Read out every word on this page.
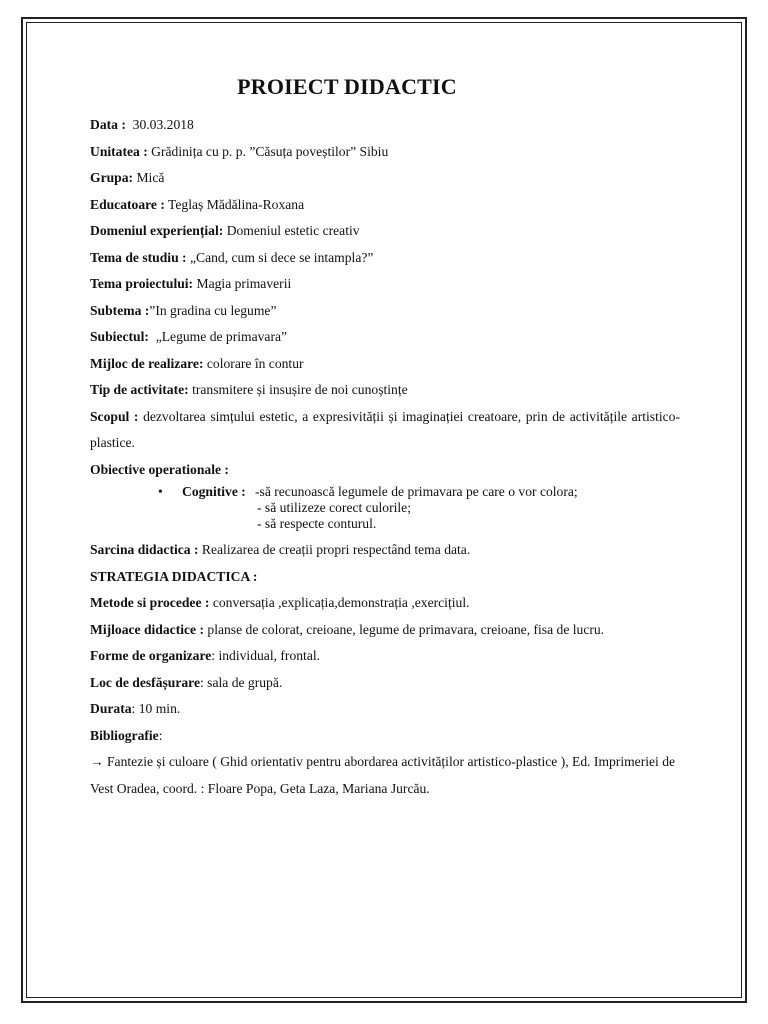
PROIECT DIDACTIC
Data : 30.03.2018
Unitatea : Grădinița cu p. p. ”Căsuța poveștilor” Sibiu
Grupa: Mică
Educatoare : Teglaș Mădălina-Roxana
Domeniul experiențial: Domeniul estetic creativ
Tema de studiu : „Cand, cum si dece se intampla?”
Tema proiectului: Magia primaverii
Subtema :”In gradina cu legume”
Subiectul: „Legume de primavara”
Mijloc de realizare: colorare în contur
Tip de activitate: transmitere și insușire de noi cunoștințe
Scopul : dezvoltarea simțului estetic, a expresivității și imaginației creatoare, prin de activitățile artistico-plastice.
Obiective operationale :
• Cognitive : -să recunoască legumele de primavara pe care o vor colora;
- să utilizeze corect culorile;
- să respecte conturul.
Sarcina didactica : Realizarea de creații propri respectând tema data.
STRATEGIA DIDACTICA :
Metode si procedee : conversația ,explicația,demonstrația ,exercițiul.
Mijloace didactice : planse de colorat, creioane, legume de primavara, creioane, fisa de lucru.
Forme de organizare: individual, frontal.
Loc de desfășurare: sala de grupă.
Durata: 10 min.
Bibliografie:
→ Fantezie și culoare ( Ghid orientativ pentru abordarea activităților artistico-plastice ), Ed. Imprimeriei de Vest Oradea, coord. : Floare Popa, Geta Laza, Mariana Jurcău.
